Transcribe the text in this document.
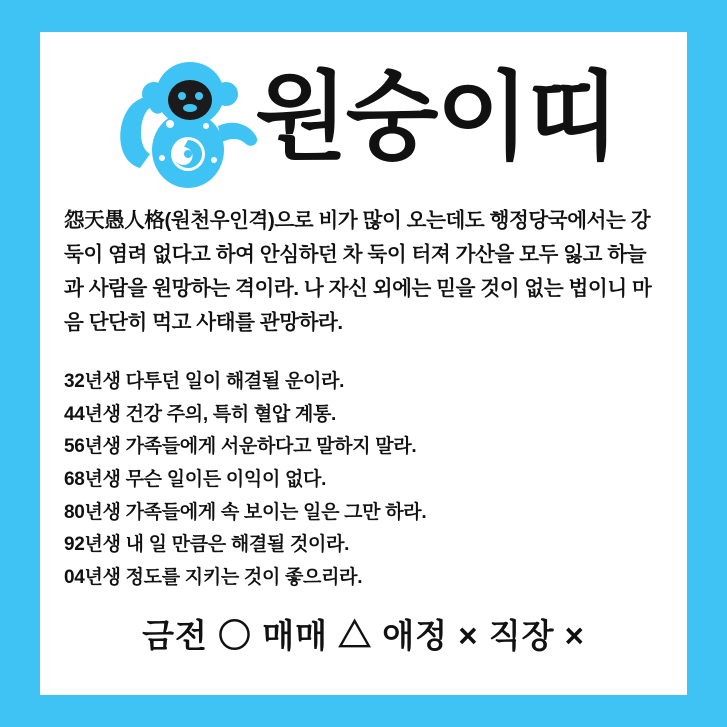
원숭이띠
怨天愚人格(원천우인격)으로 비가 많이 오는데도 행정당국에서는 강둑이 염려 없다고 하여 안심하던 차 둑이 터져 가산을 모두 잃고 하늘과 사람을 원망하는 격이라. 나 자신 외에는 믿을 것이 없는 법이니 마음 단단히 먹고 사태를 관망하라.
32년생 다투던 일이 해결될 운이라.
44년생 건강 주의, 특히 혈압 계통.
56년생 가족들에게 서운하다고 말하지 말라.
68년생 무슨 일이든 이익이 없다.
80년생 가족들에게 속 보이는 일은 그만 하라.
92년생 내 일 만큼은 해결될 것이라.
04년생 정도를 지키는 것이 좋으리라.
금전 〇 매매 △ 애정 × 직장 ×
